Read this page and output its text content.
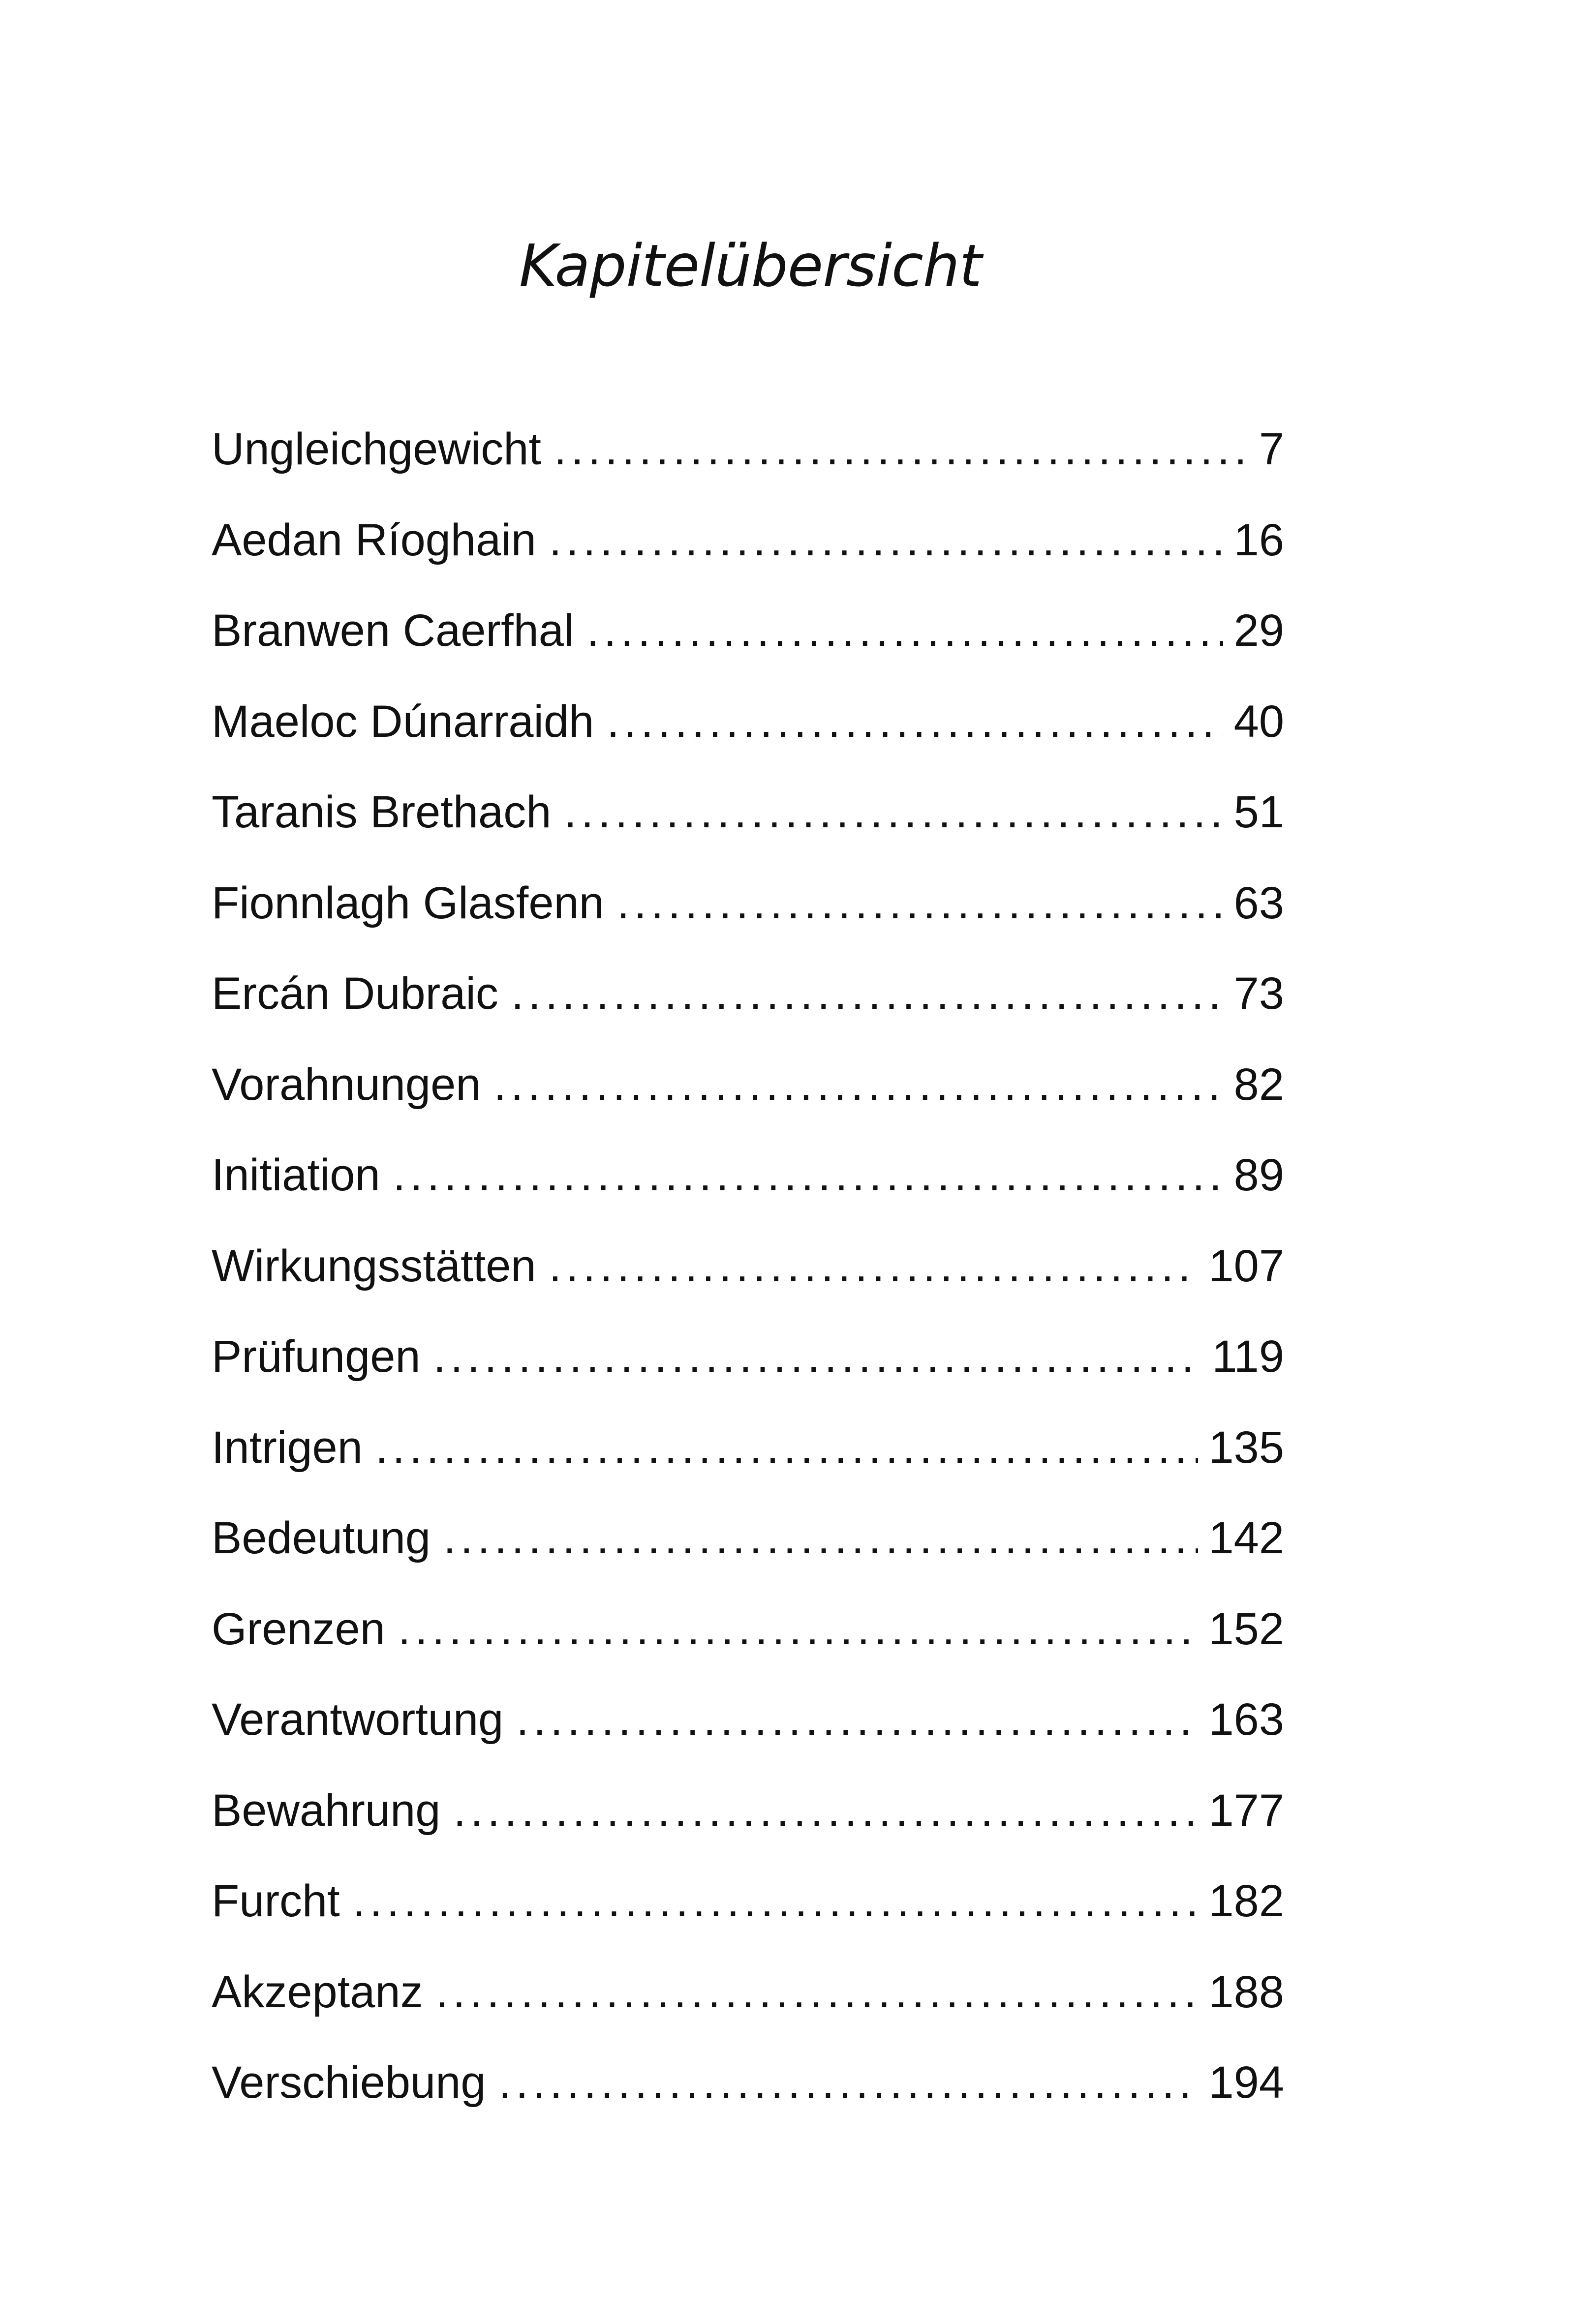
Kapitelübersicht
Ungleichgewicht .....	7
Aedan Ríoghain .....	16
Branwen Caerfhal .....	29
Maeloc Dúnarraidh .....	40
Taranis Brethach .....	51
Fionnlagh Glasfenn .....	63
Ercán Dubraic .....	73
Vorahnungen .....	82
Initiation .....	89
Wirkungsstätten .....	107
Prüfungen .....	119
Intrigen .....	135
Bedeutung .....	142
Grenzen .....	152
Verantwortung .....	163
Bewahrung .....	177
Furcht .....	182
Akzeptanz .....	188
Verschiebung .....	194
